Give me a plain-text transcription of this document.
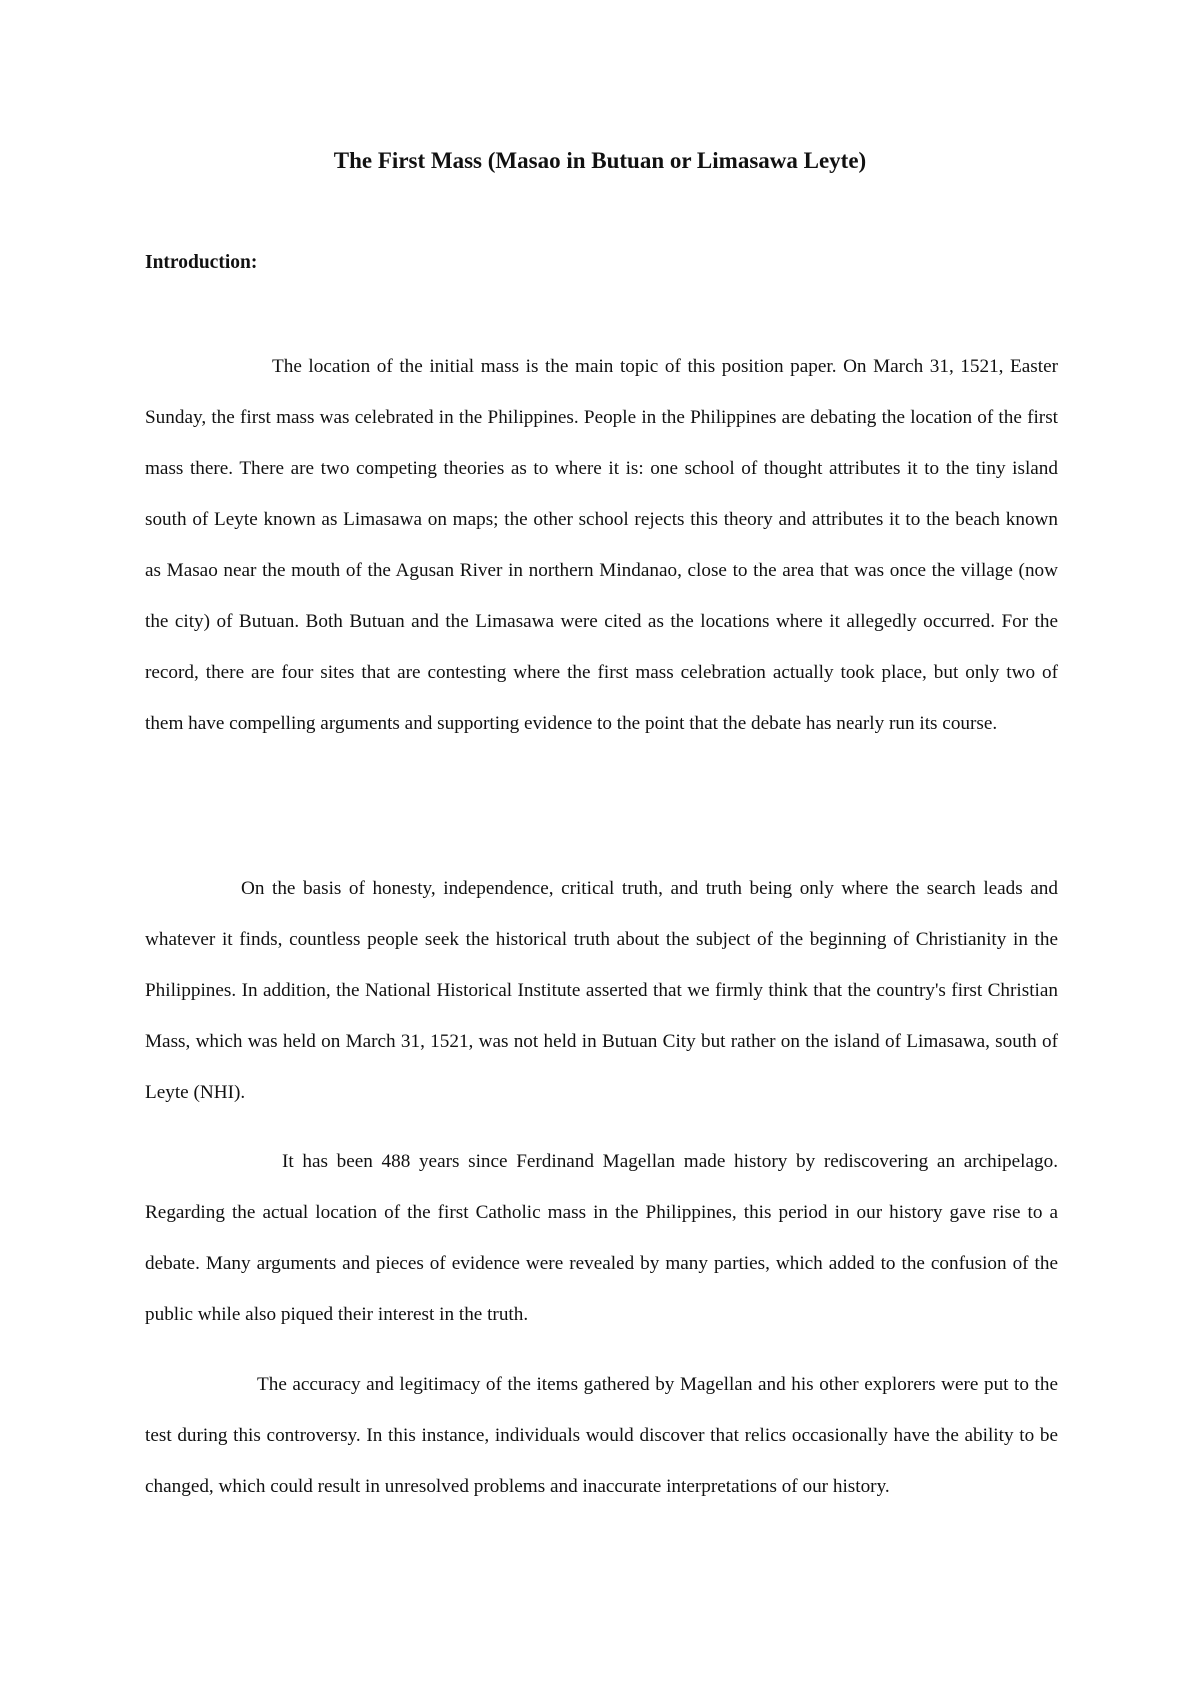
The First Mass (Masao in Butuan or Limasawa Leyte)
Introduction:

The location of the initial mass is the main topic of this position paper. On March 31, 1521, Easter Sunday, the first mass was celebrated in the Philippines. People in the Philippines are debating the location of the first mass there. There are two competing theories as to where it is: one school of thought attributes it to the tiny island south of Leyte known as Limasawa on maps; the other school rejects this theory and attributes it to the beach known as Masao near the mouth of the Agusan River in northern Mindanao, close to the area that was once the village (now the city) of Butuan. Both Butuan and the Limasawa were cited as the locations where it allegedly occurred. For the record, there are four sites that are contesting where the first mass celebration actually took place, but only two of them have compelling arguments and supporting evidence to the point that the debate has nearly run its course.

On the basis of honesty, independence, critical truth, and truth being only where the search leads and whatever it finds, countless people seek the historical truth about the subject of the beginning of Christianity in the Philippines. In addition, the National Historical Institute asserted that we firmly think that the country's first Christian Mass, which was held on March 31, 1521, was not held in Butuan City but rather on the island of Limasawa, south of Leyte (NHI).

It has been 488 years since Ferdinand Magellan made history by rediscovering an archipelago. Regarding the actual location of the first Catholic mass in the Philippines, this period in our history gave rise to a debate. Many arguments and pieces of evidence were revealed by many parties, which added to the confusion of the public while also piqued their interest in the truth.

The accuracy and legitimacy of the items gathered by Magellan and his other explorers were put to the test during this controversy. In this instance, individuals would discover that relics occasionally have the ability to be changed, which could result in unresolved problems and inaccurate interpretations of our history.
